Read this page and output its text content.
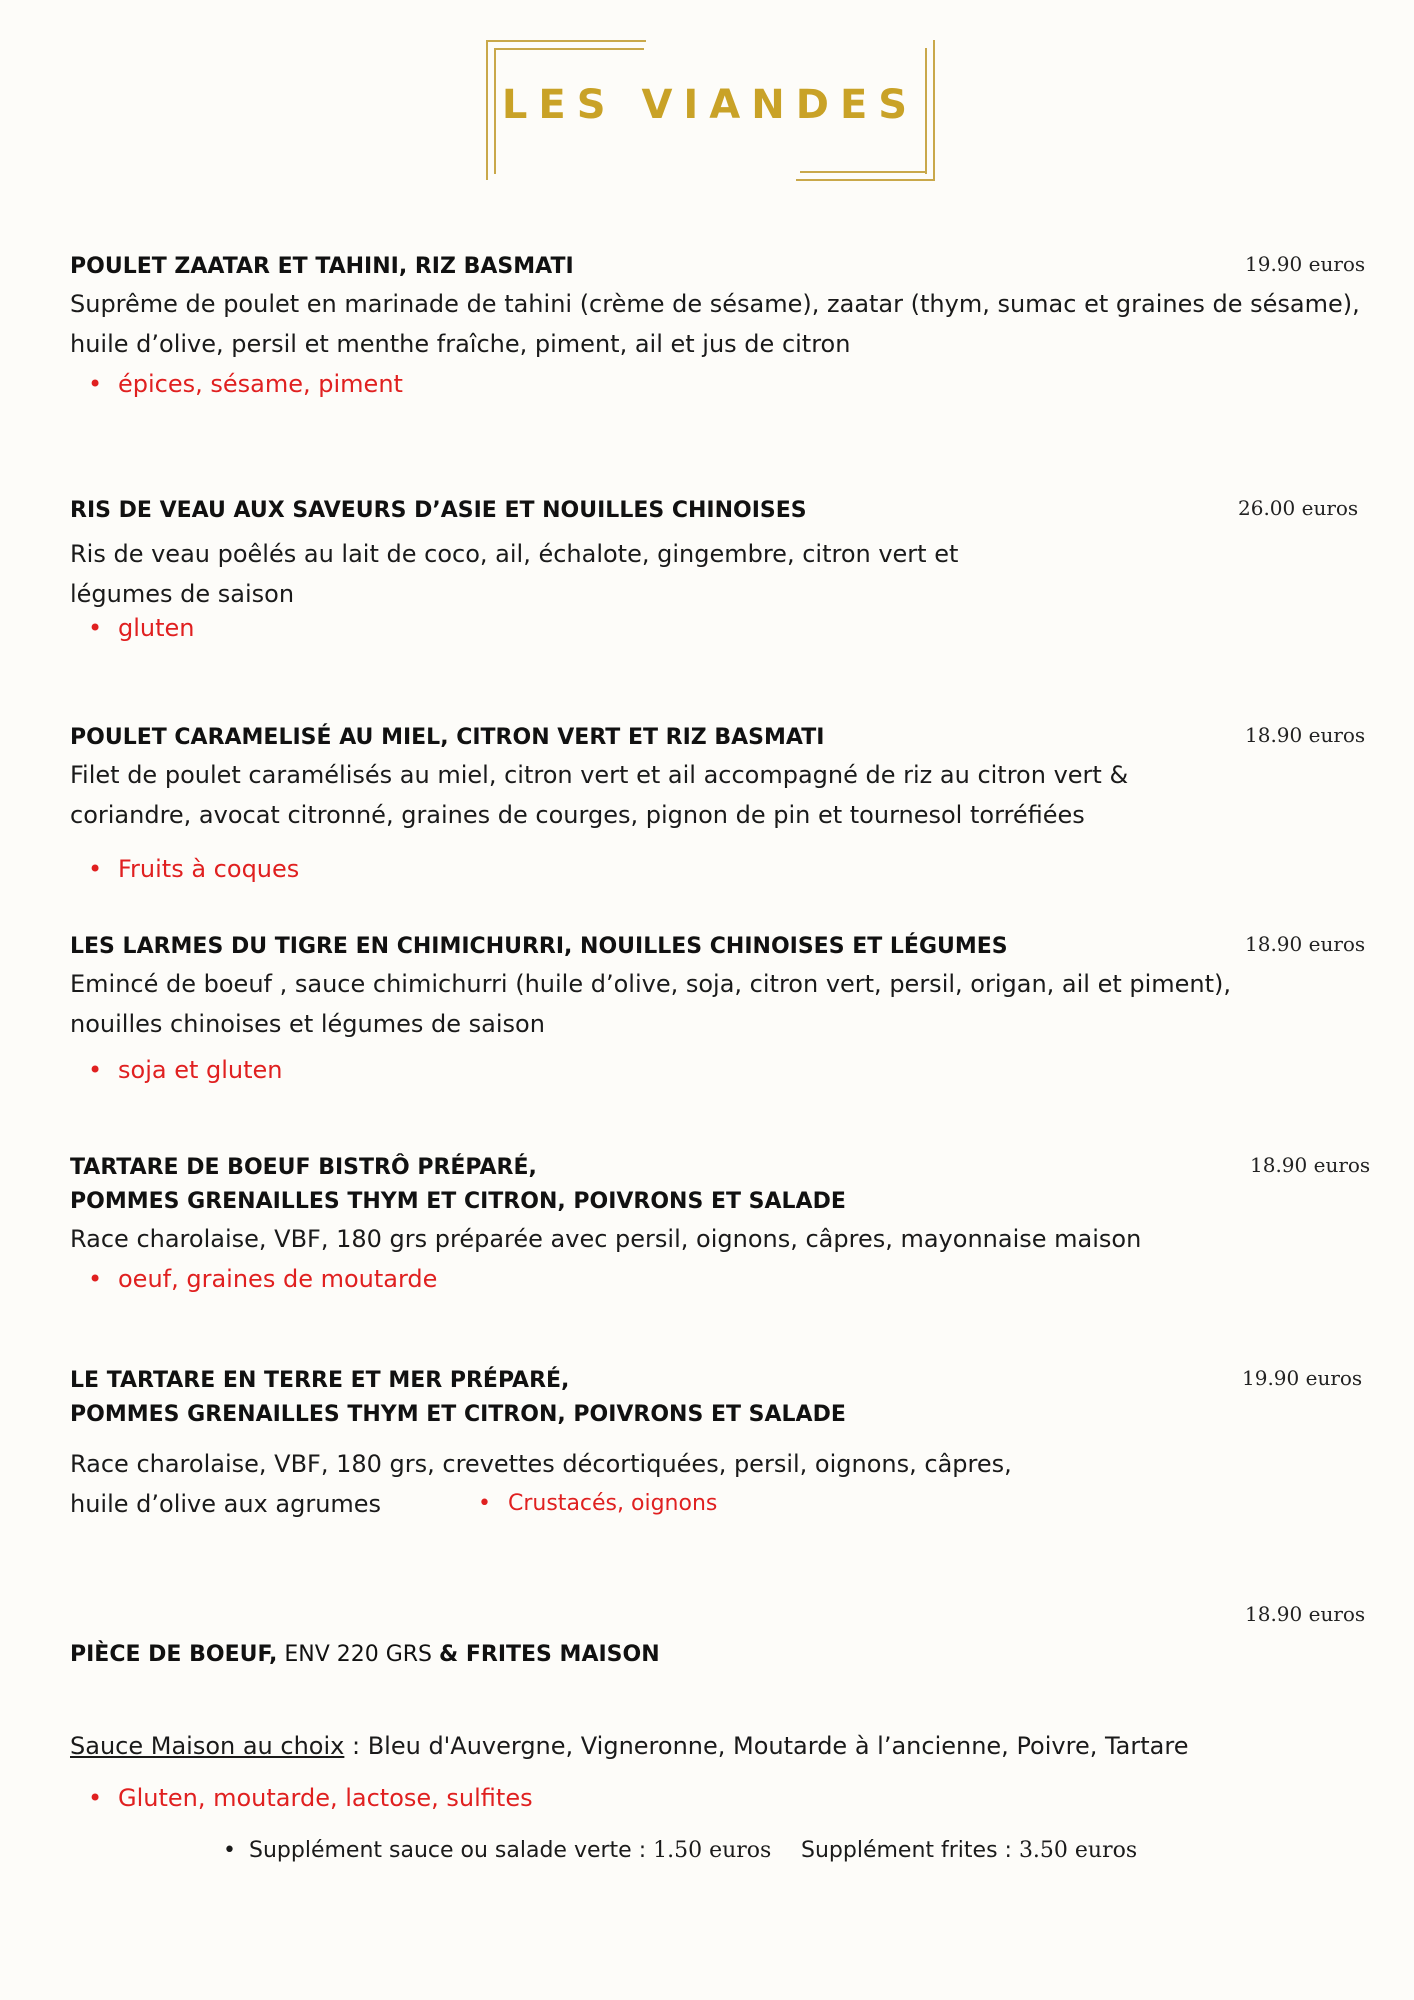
LES VIANDES
POULET ZAATAR ET TAHINI, RIZ BASMATI	19.90 euros
Suprême de poulet en marinade de tahini (crème de sésame), zaatar (thym, sumac et graines de sésame),
huile d’olive, persil et menthe fraîche, piment, ail et jus de citron
• épices, sésame, piment
RIS DE VEAU AUX SAVEURS D’ASIE ET NOUILLES CHINOISES	26.00 euros
Ris de veau poêlés au lait de coco, ail, échalote, gingembre, citron vert et
légumes de saison
• gluten
POULET CARAMELISÉ AU MIEL, CITRON VERT ET RIZ BASMATI	18.90 euros
Filet de poulet caramélisés au miel, citron vert et ail accompagné de riz au citron vert &
coriandre, avocat citronné, graines de courges, pignon de pin et tournesol torréfiées
• Fruits à coques
LES LARMES DU TIGRE EN CHIMICHURRI, NOUILLES CHINOISES ET LÉGUMES	18.90 euros
Emincé de boeuf , sauce chimichurri (huile d’olive, soja, citron vert, persil, origan, ail et piment),
nouilles chinoises et légumes de saison
• soja et gluten
TARTARE DE BOEUF BISTRÔ PRÉPARÉ,
POMMES GRENAILLES THYM ET CITRON, POIVRONS ET SALADE
18.90 euros
Race charolaise, VBF, 180 grs préparée avec persil, oignons, câpres, mayonnaise maison
• oeuf, graines de moutarde
LE TARTARE EN TERRE ET MER PRÉPARÉ,
POMMES GRENAILLES THYM ET CITRON, POIVRONS ET SALADE
19.90 euros
Race charolaise, VBF, 180 grs, crevettes décortiquées, persil, oignons, câpres,
huile d’olive aux agrumes
•	Crustacés, oignons

PIÈCE DE BOEUF, ENV 220 GRS & FRITES MAISON

18.90 euros

Sauce Maison au choix : Bleu d'Auvergne, Vigneronne, Moutarde à l’ancienne, Poivre, Tartare

• Gluten, moutarde, lactose, sulfites
• Supplément sauce ou salade verte : 1.50 euros Supplément frites : 3.50 euros
